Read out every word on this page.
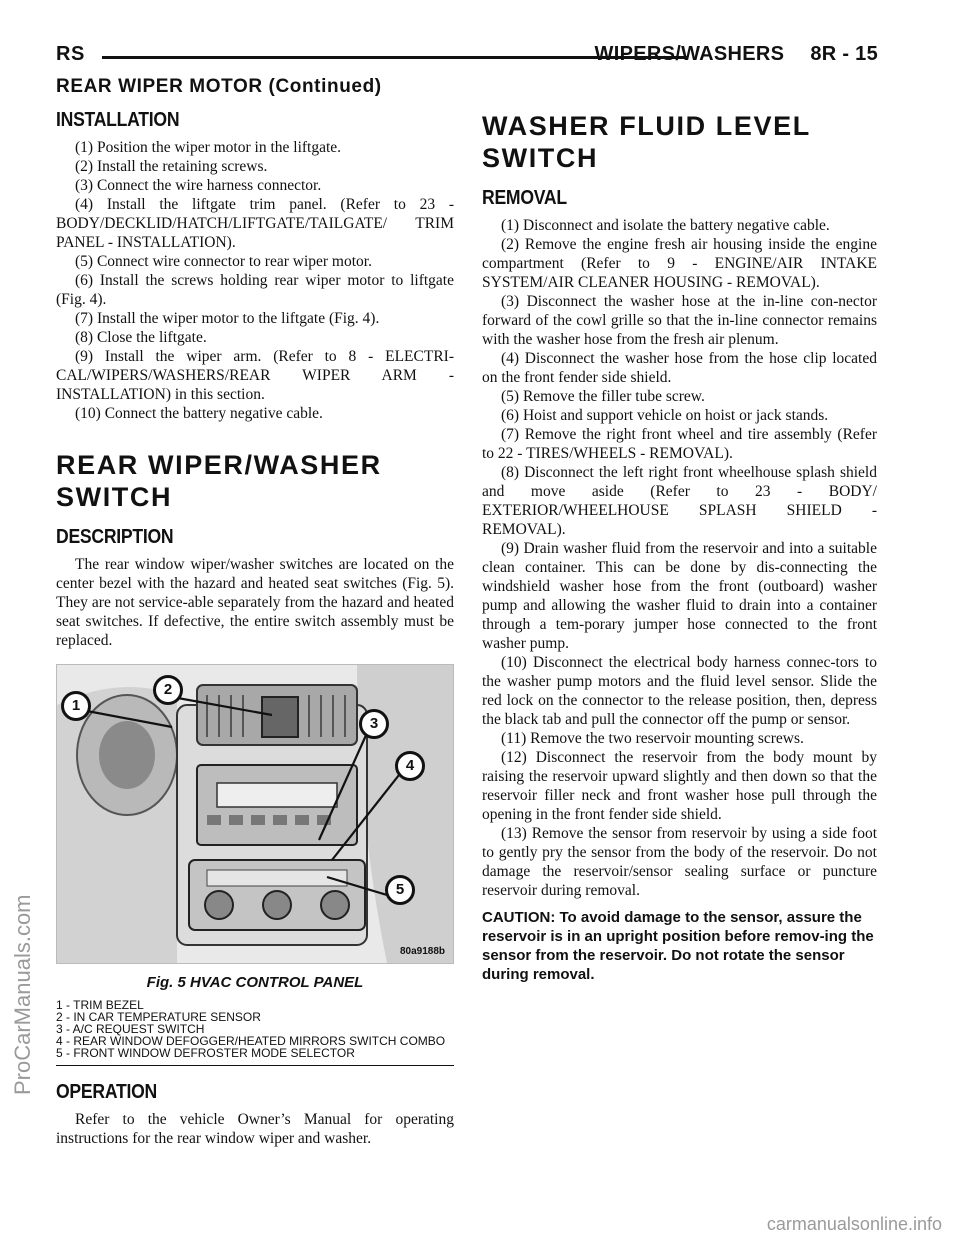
RS	WIPERS/WASHERS 8R - 15
REAR WIPER MOTOR (Continued)
INSTALLATION

(1) Position the wiper motor in the liftgate.

(2) Install the retaining screws.

(3) Connect the wire harness connector.

(4) Install the liftgate trim panel. (Refer to 23 - BODY/DECKLID/HATCH/LIFTGATE/TAILGATE/ TRIM PANEL - INSTALLATION).

(5) Connect wire connector to rear wiper motor.

(6) Install the screws holding rear wiper motor to liftgate (Fig. 4).

(7) Install the wiper motor to the liftgate (Fig. 4).

(8) Close the liftgate.

(9) Install the wiper arm. (Refer to 8 - ELECTRI-CAL/WIPERS/WASHERS/REAR WIPER ARM - INSTALLATION) in this section.

(10) Connect the battery negative cable.

REAR WIPER/WASHER SWITCH
DESCRIPTION

The rear window wiper/washer switches are located on the center bezel with the hazard and heated seat switches (Fig. 5). They are not service-able separately from the hazard and heated seat switches. If defective, the entire switch assembly must be replaced.

1
2
3
4
5
80a9188b
Fig. 5 HVAC CONTROL PANEL

1 - TRIM BEZEL

2 - IN CAR TEMPERATURE SENSOR

3 - A/C REQUEST SWITCH

4 - REAR WINDOW DEFOGGER/HEATED MIRRORS SWITCH COMBO

5 - FRONT WINDOW DEFROSTER MODE SELECTOR

OPERATION

Refer to the vehicle Owner’s Manual for operating instructions for the rear window wiper and washer.

WASHER FLUID LEVEL SWITCH
REMOVAL

(1) Disconnect and isolate the battery negative cable.

(2) Remove the engine fresh air housing inside the engine compartment (Refer to 9 - ENGINE/AIR INTAKE SYSTEM/AIR CLEANER HOUSING - REMOVAL).

(3) Disconnect the washer hose at the in-line con-nector forward of the cowl grille so that the in-line connector remains with the washer hose from the fresh air plenum.

(4) Disconnect the washer hose from the hose clip located on the front fender side shield.

(5) Remove the filler tube screw.

(6) Hoist and support vehicle on hoist or jack stands.

(7) Remove the right front wheel and tire assembly (Refer to 22 - TIRES/WHEELS - REMOVAL).

(8) Disconnect the left right front wheelhouse splash shield and move aside (Refer to 23 - BODY/ EXTERIOR/WHEELHOUSE SPLASH SHIELD - REMOVAL).

(9) Drain washer fluid from the reservoir and into a suitable clean container. This can be done by dis-connecting the windshield washer hose from the front (outboard) washer pump and allowing the washer fluid to drain into a container through a tem-porary jumper hose connected to the front washer pump.

(10) Disconnect the electrical body harness connec-tors to the washer pump motors and the fluid level sensor. Slide the red lock on the connector to the release position, then, depress the black tab and pull the connector off the pump or sensor.

(11) Remove the two reservoir mounting screws.

(12) Disconnect the reservoir from the body mount by raising the reservoir upward slightly and then down so that the reservoir filler neck and front washer hose pull through the opening in the front fender side shield.

(13) Remove the sensor from reservoir by using a side foot to gently pry the sensor from the body of the reservoir. Do not damage the reservoir/sensor sealing surface or puncture reservoir during removal.

CAUTION: To avoid damage to the sensor, assure the reservoir is in an upright position before remov-ing the sensor from the reservoir. Do not rotate the sensor during removal.
ProCarManuals.com
carmanualsonline.info
